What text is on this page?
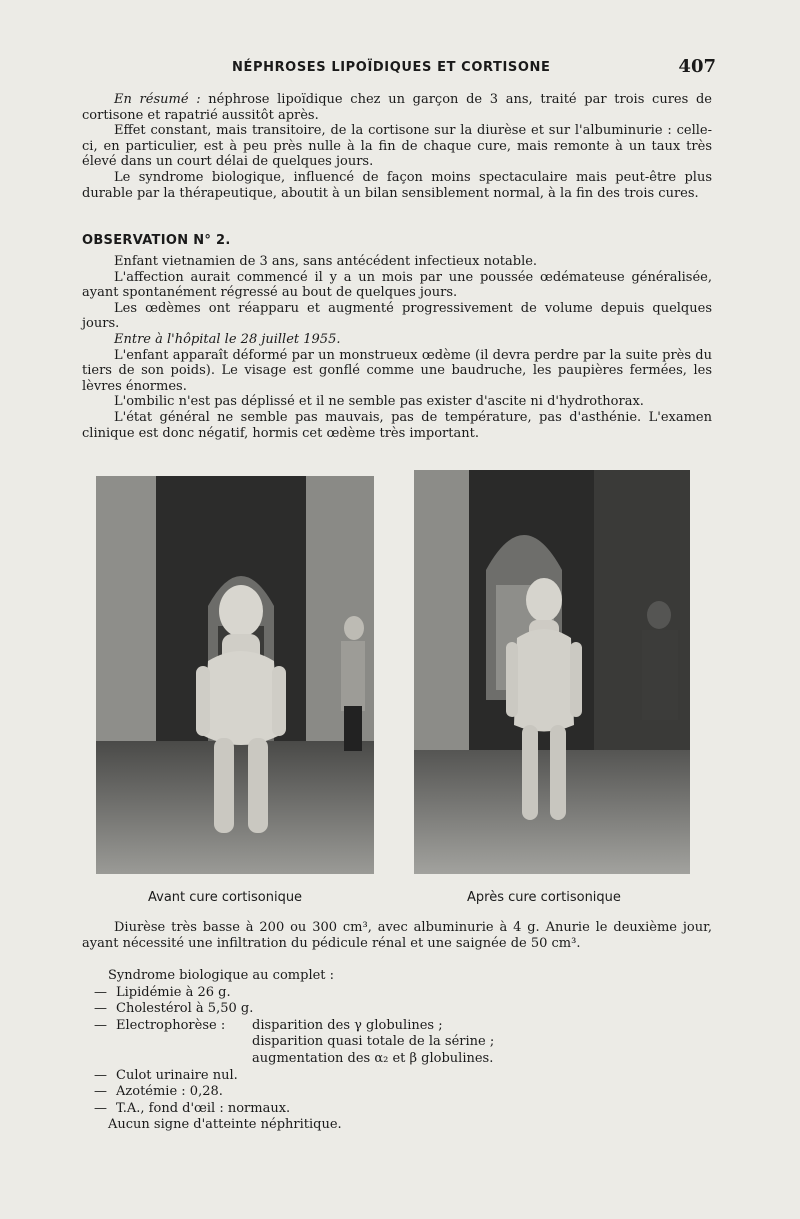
NÉPHROSES LIPOÏDIQUES ET CORTISONE	407

En résumé : néphrose lipoïdique chez un garçon de 3 ans, traité par trois cures de cortisone et rapatrié aussitôt après.

Effet constant, mais transitoire, de la cortisone sur la diurèse et sur l'albuminurie : celle-ci, en particulier, est à peu près nulle à la fin de chaque cure, mais remonte à un taux très élevé dans un court délai de quelques jours.

Le syndrome biologique, influencé de façon moins spectaculaire mais peut-être plus durable par la thérapeutique, aboutit à un bilan sensiblement normal, à la fin des trois cures.

OBSERVATION N° 2.

Enfant vietnamien de 3 ans, sans antécédent infectieux notable.

L'affection aurait commencé il y a un mois par une poussée œdémateuse généralisée, ayant spontanément régressé au bout de quelques jours.

Les œdèmes ont réapparu et augmenté progressivement de volume depuis quelques jours.

Entre à l'hôpital le 28 juillet 1955.

L'enfant apparaît déformé par un monstrueux œdème (il devra perdre par la suite près du tiers de son poids). Le visage est gonflé comme une baudruche, les paupières fermées, les lèvres énormes.

L'ombilic n'est pas déplissé et il ne semble pas exister d'ascite ni d'hydrothorax.

L'état général ne semble pas mauvais, pas de température, pas d'asthénie. L'examen clinique est donc négatif, hormis cet œdème très important.

Avant cure cortisonique	Après cure cortisonique

Diurèse très basse à 200 ou 300 cm³, avec albuminurie à 4 g. Anurie le deuxième jour, ayant nécessité une infiltration du pédicule rénal et une saignée de 50 cm³.

Syndrome biologique au complet :
— Lipidémie à 26 g.
— Cholestérol à 5,50 g.
— Electrophorèse : disparition des γ globulines ;
disparition quasi totale de la sérine ;
augmentation des α₂ et β globulines.
— Culot urinaire nul.
— Azotémie : 0,28.
— T.A., fond d'œil : normaux.
Aucun signe d'atteinte néphritique.
